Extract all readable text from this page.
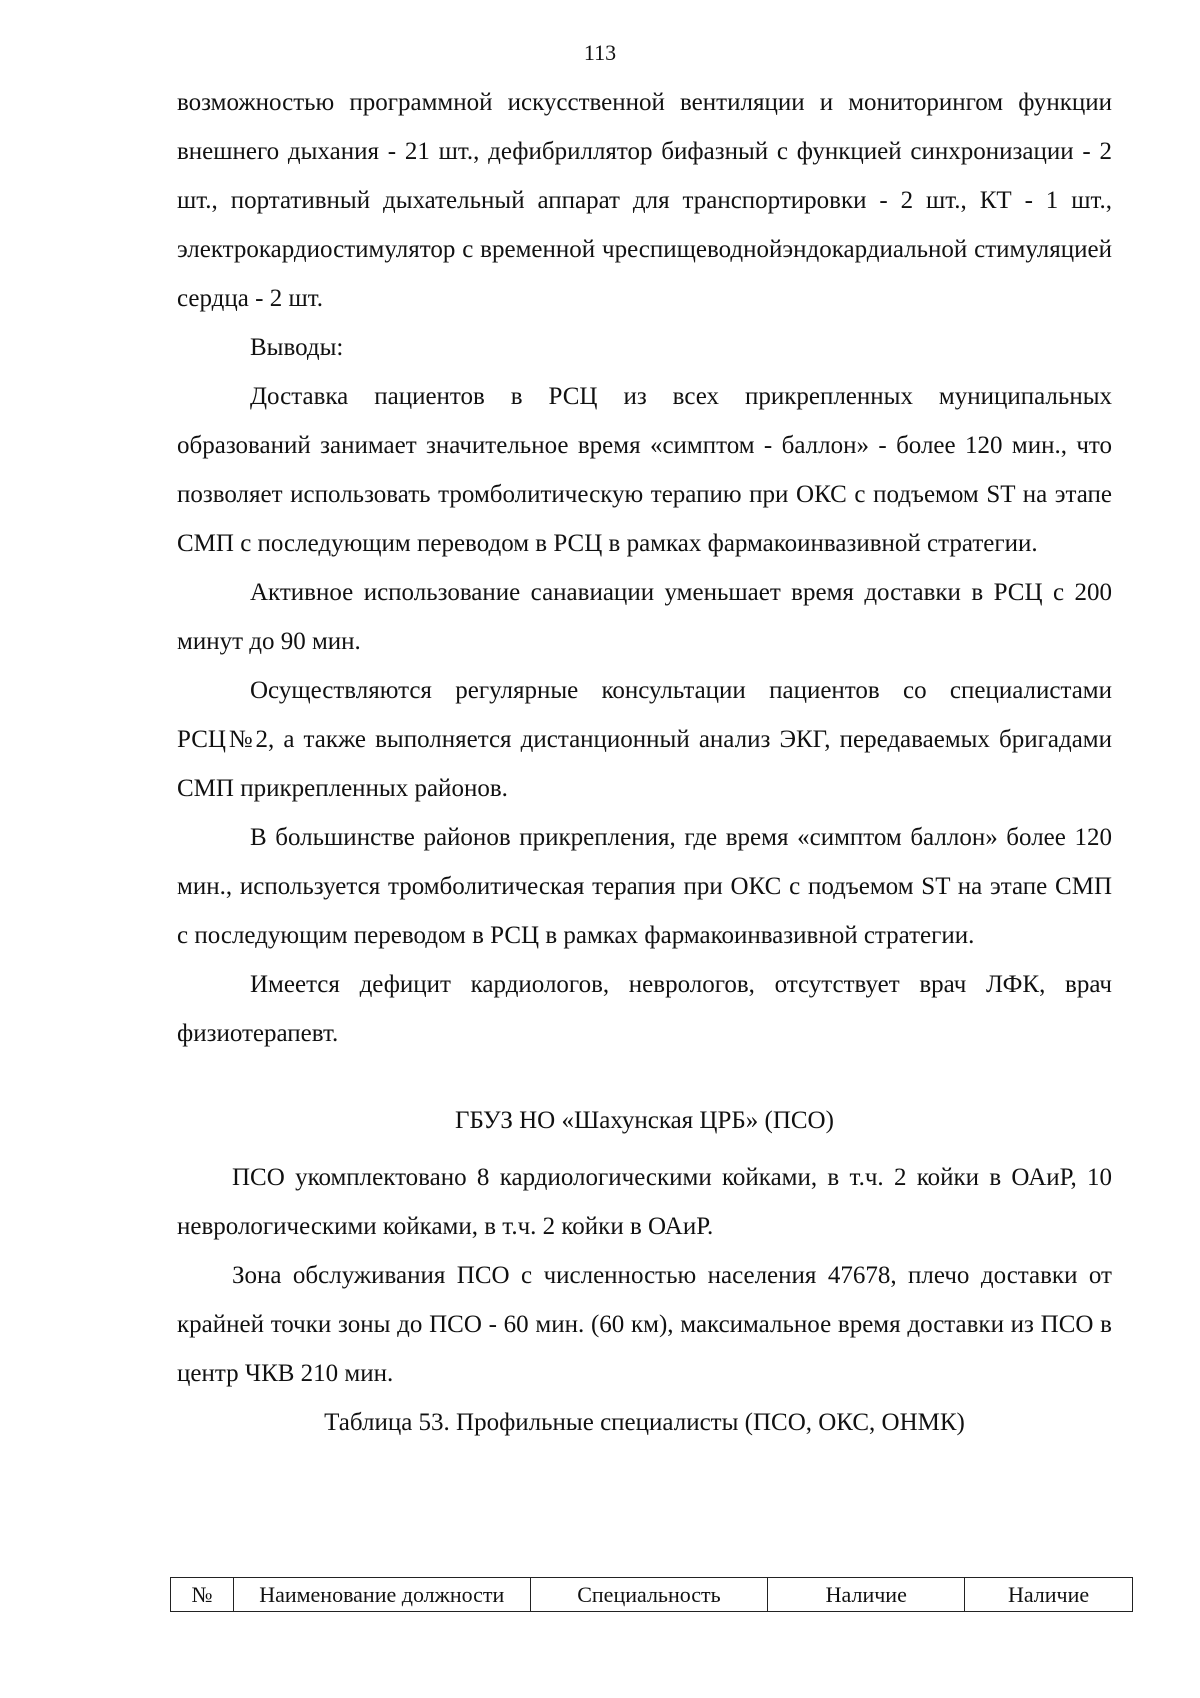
113

возможностью программной искусственной вентиляции и мониторингом функции внешнего дыхания - 21 шт., дефибриллятор бифазный с функцией синхронизации - 2 шт., портативный дыхательный аппарат для транспортировки - 2 шт., КТ - 1 шт., электрокардиостимулятор с временной чреспищеводнойэндокардиальной стимуляцией сердца - 2 шт.

Выводы:

Доставка пациентов в РСЦ из всех прикрепленных муниципальных образований занимает значительное время «симптом - баллон» - более 120 мин., что позволяет использовать тромболитическую терапию при ОКС с подъемом ST на этапе СМП с последующим переводом в РСЦ в рамках фармакоинвазивной стратегии.

Активное использование санавиации уменьшает время доставки в РСЦ с 200 минут до 90 мин.

Осуществляются регулярные консультации пациентов со специалистами РСЦ№2, а также выполняется дистанционный анализ ЭКГ, передаваемых бригадами СМП прикрепленных районов.

В большинстве районов прикрепления, где время «симптом баллон» более 120 мин., используется тромболитическая терапия при ОКС с подъемом ST на этапе СМП с последующим переводом в РСЦ в рамках фармакоинвазивной стратегии.

Имеется дефицит кардиологов, неврологов, отсутствует врач ЛФК, врач физиотерапевт.

ГБУЗ НО «Шахунская ЦРБ» (ПСО)

ПСО укомплектовано 8 кардиологическими койками, в т.ч. 2 койки в ОАиР, 10 неврологическими койками, в т.ч. 2 койки в ОАиР.

Зона обслуживания ПСО с численностью населения 47678, плечо доставки от крайней точки зоны до ПСО - 60 мин. (60 км), максимальное время доставки из ПСО в центр ЧКВ 210 мин.

Таблица 53. Профильные специалисты (ПСО, ОКС, ОНМК)

№	Наименование должности	Специальность	Наличие	Наличие
